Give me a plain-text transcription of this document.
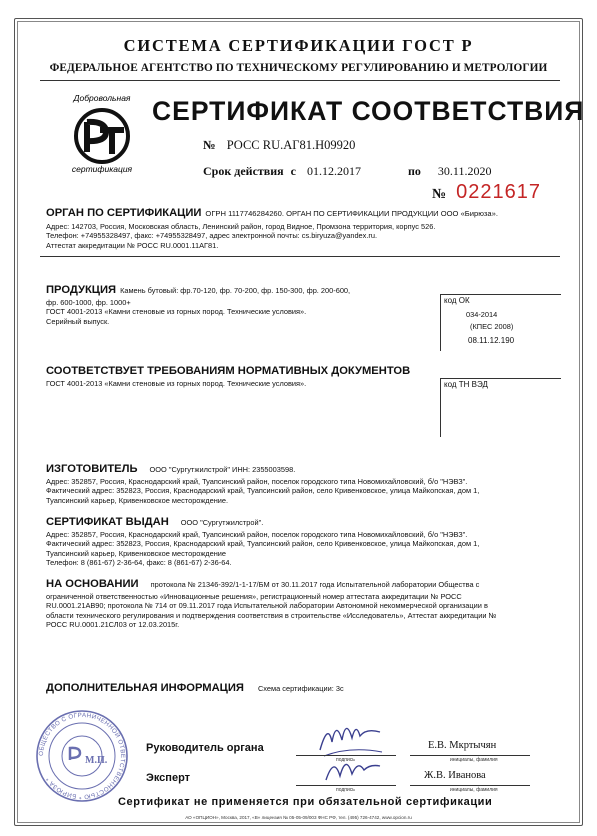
СИСТЕМА СЕРТИФИКАЦИИ ГОСТ Р
ФЕДЕРАЛЬНОЕ АГЕНТСТВО ПО ТЕХНИЧЕСКОМУ РЕГУЛИРОВАНИЮ И МЕТРОЛОГИИ
Добровольная
сертификация
СЕРТИФИКАТ СООТВЕТСТВИЯ
№ РОСС RU.АГ81.Н09920
Срок действия с 01.12.2017	по 30.11.2020
№ 0221617
ОРГАН ПО СЕРТИФИКАЦИИ ОГРН 1117746284260. ОРГАН ПО СЕРТИФИКАЦИИ ПРОДУКЦИИ ООО «Бирюза».
Адрес: 142703, Россия, Московская область, Ленинский район, город Видное, Промзона территория, корпус 526.
Телефон: +74955328497, факс: +74955328497, адрес электронной почты: cs.biryuza@yandex.ru.
Аттестат аккредитации № РОСС RU.0001.11АГ81.
ПРОДУКЦИЯ Камень бутовый: фр.70-120, фр. 70-200, фр. 150-300, фр. 200-600,
фр. 600-1000, фр. 1000+
ГОСТ 4001-2013 «Камни стеновые из горных пород. Технические условия».
Серийный выпуск.
код ОК
034-2014
(КПЕС 2008)
08.11.12.190
СООТВЕТСТВУЕТ ТРЕБОВАНИЯМ НОРМАТИВНЫХ ДОКУМЕНТОВ
ГОСТ 4001-2013 «Камни стеновые из горных пород. Технические условия».	код ТН ВЭД
ИЗГОТОВИТЕЛЬ ООО "Сургутжилстрой" ИНН: 2355003598.
Адрес: 352857, Россия, Краснодарский край, Туапсинский район, поселок городского типа Новомихайловский, б/о "НЭВЗ".
Фактический адрес: 352823, Россия, Краснодарский край, Туапсинский район, село Кривенковское, улица Майкопская, дом 1,
Туапсинский карьер, Кривенковское месторождение.
СЕРТИФИКАТ ВЫДАН ООО "Сургутжилстрой".
Адрес: 352857, Россия, Краснодарский край, Туапсинский район, поселок городского типа Новомихайловский, б/о "НЭВЗ".
Фактический адрес: 352823, Россия, Краснодарский край, Туапсинский район, село Кривенковское, улица Майкопская, дом 1,
Туапсинский карьер, Кривенковское месторождение
Телефон: 8 (861-67) 2-36-64, факс: 8 (861-67) 2-36-64.
НА ОСНОВАНИИ протокола № 21346-392/1-1-17/БМ от 30.11.2017 года Испытательной лаборатории Общества с
ограниченной ответственностью «Инновационные решения», регистрационный номер аттестата аккредитации № РОСС
RU.0001.21АВ90; протокола № 714 от 09.11.2017 года Испытательной лаборатории Автономной некоммерческой организации в
области технического регулирования и подтверждения соответствия в строительстве «Исследователь», Аттестат аккредитации №
РОСС RU.0001.21СЛ03 от 12.03.2015г.
ДОПОЛНИТЕЛЬНАЯ ИНФОРМАЦИЯ Схема сертификации: 3с
ОБЩЕСТВО С ОГРАНИЧЕННОЙ ОТВЕТСТВЕННОСТЬЮ * БИРЮЗА *
М.П.
Руководитель органа
подпись
Е.В. Мкртычян
инициалы, фамилия
Эксперт
подпись
Ж.В. Иванова
инициалы, фамилия
Сертификат не применяется при обязательной сертификации
АО «ОПЦИОН», Москва, 2017, «В» лицензия № 05-05-09/003 ФНС РФ, тел. (495) 726-4742, www.opcion.ru
